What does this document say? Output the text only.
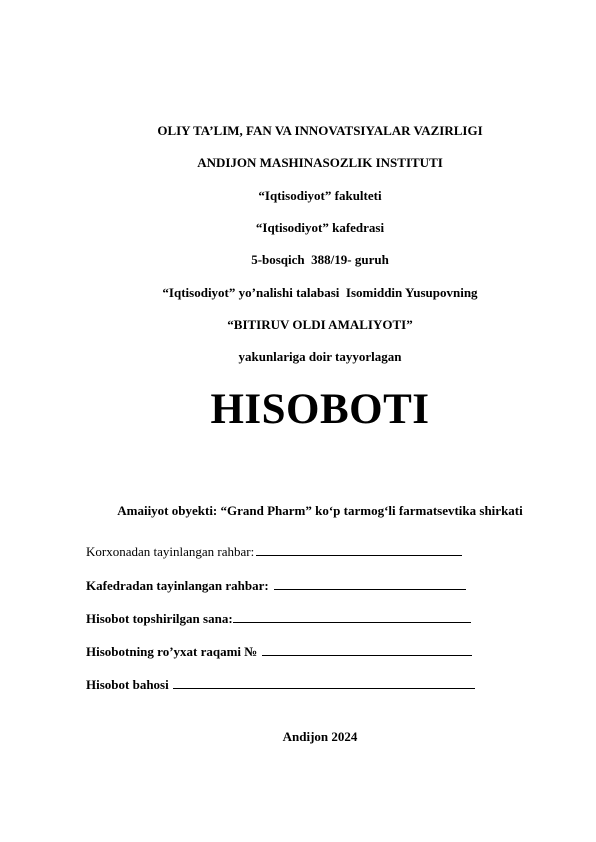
OLIY TA’LIM, FAN VA INNOVATSIYALAR VAZIRLIGI
ANDIJON MASHINASOZLIK INSTITUTI
“Iqtisodiyot” fakulteti
“Iqtisodiyot” kafedrasi
5-bosqich  388/19- guruh
“Iqtisodiyot” yo’nalishi talabasi  Isomiddin Yusupovning
“BITIRUV OLDI AMALIYOTI”
yakunlariga doir tayyorlagan
HISOBOTI
Amaiiyot obyekti: “Grand Pharm” ko‘p tarmog‘li farmatsevtika shirkati
Korxonadan tayinlangan rahbar:
Kafedradan tayinlangan rahbar:
Hisobot topshirilgan sana:
Hisobotning ro’yxat raqami №
Hisobot bahosi
Andijon 2024
